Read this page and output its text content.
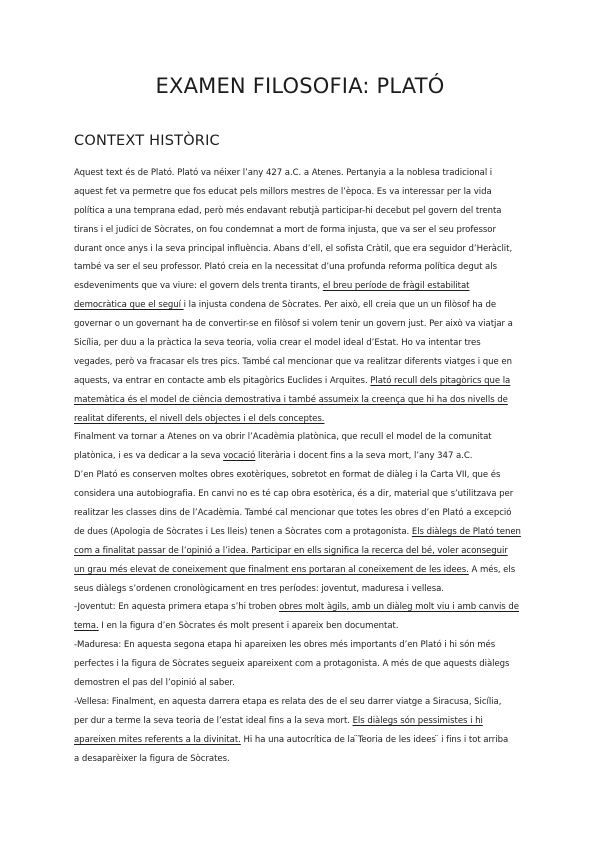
EXAMEN FILOSOFIA: PLATÓ
CONTEXT HISTÒRIC
Aquest text és de Plató. Plató va néixer l’any 427 a.C. a Atenes. Pertanyia a la noblesa tradicional i
aquest fet va permetre que fos educat pels millors mestres de l’època. Es va interessar per la vida
política a una temprana edad, però més endavant rebutjà participar-hi decebut pel govern del trenta
tirans i el judici de Sòcrates, on fou condemnat a mort de forma injusta, que va ser el seu professor
durant once anys i la seva principal influència. Abans d’ell, el sofista Cràtil, que era seguidor d’Heràclit,
també va ser el seu professor. Plató creia en la necessitat d’una profunda reforma política degut als
esdeveniments que va viure: el govern dels trenta tirants, el breu període de fràgil estabilitat
democràtica que el seguí i la injusta condena de Sòcrates. Per això, ell creia que un un filòsof ha de
governar o un governant ha de convertir-se en filòsof si volem tenir un govern just. Per això va viatjar a
Sicília, per duu a la pràctica la seva teoria, volia crear el model ideal d’Estat. Ho va intentar tres
vegades, però va fracasar els tres pics. També cal mencionar que va realitzar diferents viatges i que en
aquests, va entrar en contacte amb els pitagòrics Euclides i Arquites. Plató recull dels pitagòrics que la
matemàtica és el model de ciència demostrativa i també assumeix la creença que hi ha dos nivells de
realitat diferents, el nivell dels objectes i el dels conceptes.
Finalment va tornar a Atenes on va obrir l’Acadèmia platònica, que recull el model de la comunitat
platònica, i es va dedicar a la seva vocació literària i docent fins a la seva mort, l’any 347 a.C.
D’en Plató es conserven moltes obres exotèriques, sobretot en format de diàleg i la Carta VII, que és
considera una autobiografia. En canvi no es té cap obra esotèrica, és a dir, material que s’utilitzava per
realitzar les classes dins de l’Acadèmia. També cal mencionar que totes les obres d’en Plató a excepció
de dues (Apologia de Sòcrates i Les lleis) tenen a Sòcrates com a protagonista. Els diàlegs de Plató tenen
com a finalitat passar de l’opinió a l’idea. Participar en ells significa la recerca del bé, voler aconseguir
un grau més elevat de coneixement que finalment ens portaran al coneixement de les idees. A més, els
seus diàlegs s’ordenen cronològicament en tres períodes: joventut, maduresa i vellesa.
-Joventut: En aquesta primera etapa s’hi troben obres molt àgils, amb un diàleg molt viu i amb canvis de
tema. I en la figura d’en Sòcrates és molt present i apareix ben documentat.
-Maduresa: En aquesta segona etapa hi apareixen les obres més importants d’en Plató i hi són més
perfectes i la figura de Sòcrates segueix apareixent com a protagonista. A més de que aquests diàlegs
demostren el pas del l’opinió al saber.
-Vellesa: Finalment, en aquesta darrera etapa es relata des de el seu darrer viatge a Siracusa, Sicília,
per dur a terme la seva teoria de l’estat ideal fins a la seva mort. Els diàlegs són pessimistes i hi
apareixen mites referents a la divinitat. Hi ha una autocrítica de la ̈Teoria de les idees ̈ i fins i tot arriba
a desaparèixer la figura de Sòcrates.
